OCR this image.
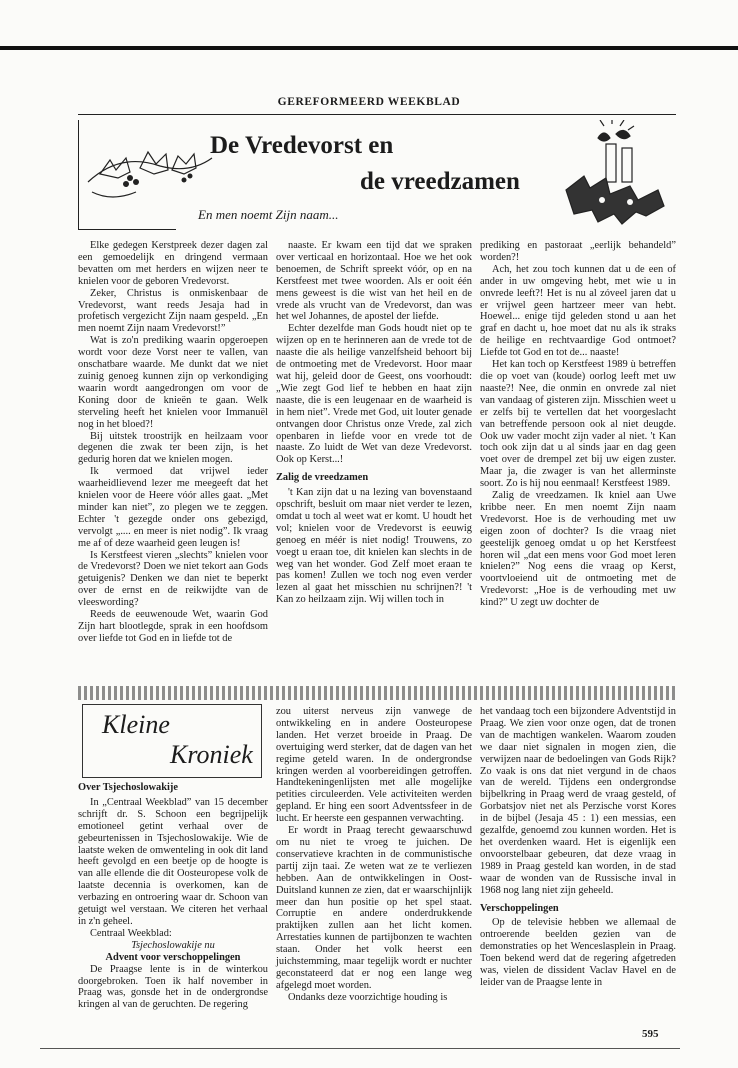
GEREFORMEERD WEEKBLAD
De Vredevorst en
de vreedzamen
En men noemt Zijn naam...

Elke gedegen Kerstpreek dezer dagen zal een gemoedelijk en dringend vermaan bevatten om met herders en wijzen neer te knielen voor de geboren Vredevorst.

Zeker, Christus is onmiskenbaar de Vredevorst, want reeds Jesaja had in profetisch vergezicht Zijn naam gespeld. „En men noemt Zijn naam Vredevorst!”

Wat is zo'n prediking waarin opgeroepen wordt voor deze Vorst neer te vallen, van onschatbare waarde. Me dunkt dat we niet zuinig genoeg kunnen zijn op verkondiging waarin wordt aangedrongen om voor de Koning door de knieën te gaan. Welk sterveling heeft het knielen voor Immanuël nog in het bloed?!

Bij uitstek troostrijk en heilzaam voor degenen die zwak ter been zijn, is het gedurig horen dat we knielen mogen.

Ik vermoed dat vrijwel ieder waarheidlievend lezer me meegeeft dat het knielen voor de Heere vóór alles gaat. „Met minder kan niet”, zo plegen we te zeggen. Echter 't gezegde onder ons gebezigd, vervolgt „.... en meer is niet nodig”. Ik vraag me af of deze waarheid geen leugen is!

Is Kerstfeest vieren „slechts” knielen voor de Vredevorst? Doen we niet tekort aan Gods getuigenis? Denken we dan niet te beperkt over de ernst en de reikwijdte van de vleeswording?

Reeds de eeuwenoude Wet, waarin God Zijn hart blootlegde, sprak in een hoofdsom over liefde tot God en in liefde tot de

naaste. Er kwam een tijd dat we spraken over verticaal en horizontaal. Hoe we het ook benoemen, de Schrift spreekt vóór, op en na Kerstfeest met twee woorden. Als er ooit één mens geweest is die wist van het heil en de vrede als vrucht van de Vredevorst, dan was het wel Johannes, de apostel der liefde.

Echter dezelfde man Gods houdt niet op te wijzen op en te herinneren aan de vrede tot de naaste die als heilige vanzelfsheid behoort bij de ontmoeting met de Vredevorst. Hoor maar wat hij, geleid door de Geest, ons voorhoudt: „Wie zegt God lief te hebben en haat zijn naaste, die is een leugenaar en de waarheid is in hem niet”. Vrede met God, uit louter genade ontvangen door Christus onze Vrede, zal zich openbaren in liefde voor en vrede tot de naaste. Zo luidt de Wet van deze Vredevorst. Ook op Kerst...!

Zalig de vreedzamen

't Kan zijn dat u na lezing van bovenstaand opschrift, besluit om maar niet verder te lezen, omdat u toch al weet wat er komt. U houdt het vol; knielen voor de Vredevorst is eeuwig genoeg en méér is niet nodig! Trouwens, zo voegt u eraan toe, dit knielen kan slechts in de weg van het wonder. God Zelf moet eraan te pas komen! Zullen we toch nog even verder lezen al gaat het misschien nu schrijnen?! 't Kan zo heilzaam zijn. Wij willen toch in

prediking en pastoraat „eerlijk behandeld” worden?!

Ach, het zou toch kunnen dat u de een of ander in uw omgeving hebt, met wie u in onvrede leeft?! Het is nu al zóveel jaren dat u er vrijwel geen hartzeer meer van hebt. Hoewel... enige tijd geleden stond u aan het graf en dacht u, hoe moet dat nu als ik straks de heilige en rechtvaardige God ontmoet? Liefde tot God en tot de... naaste!

Het kan toch op Kerstfeest 1989 ù betreffen die op voet van (koude) oorlog leeft met uw naaste?! Nee, die onmin en onvrede zal niet van vandaag of gisteren zijn. Misschien weet u er zelfs bij te vertellen dat het voorgeslacht van betreffende persoon ook al niet deugde. Ook uw vader mocht zijn vader al niet. 't Kan toch ook zijn dat u al sinds jaar en dag geen voet over de drempel zet bij uw eigen zuster. Maar ja, die zwager is van het allerminste soort. Zo is hij nou eenmaal! Kerstfeest 1989.

Zalig de vreedzamen. Ik kniel aan Uwe kribbe neer. En men noemt Zijn naam Vredevorst. Hoe is de verhouding met uw eigen zoon of dochter? Is die vraag niet geestelijk genoeg omdat u op het Kerstfeest horen wil „dat een mens voor God moet leren knielen?” Nog eens die vraag op Kerst, voortvloeiend uit de ontmoeting met de Vredevorst: „Hoe is de verhouding met uw kind?” U zegt uw dochter de

Kleine
Kroniek
Over Tsjechoslowakije

In „Centraal Weekblad” van 15 december schrijft dr. S. Schoon een begrijpelijk emotioneel getint verhaal over de gebeurtenissen in Tsjechoslowakije. Wie de laatste weken de omwenteling in ook dit land heeft gevolgd en een beetje op de hoogte is van alle ellende die dit Oosteuropese volk de laatste decennia is overkomen, kan de verbazing en ontroering waar dr. Schoon van getuigt wel verstaan. We citeren het verhaal in z'n geheel.

Centraal Weekblad:

Tsjechoslowakije nu

Advent voor verschoppelingen

De Praagse lente is in de winterkou doorgebroken. Toen ik half november in Praag was, gonsde het in de ondergrondse kringen al van de geruchten. De regering

zou uiterst nerveus zijn vanwege de ontwikkeling en in andere Oosteuropese landen. Het verzet broeide in Praag. De overtuiging werd sterker, dat de dagen van het regime geteld waren. In de ondergrondse kringen werden al voorbereidingen getroffen. Handtekeningenlijsten met alle mogelijke petities circuleerden. Vele activiteiten werden gepland. Er hing een soort Adventssfeer in de lucht. Er heerste een gespannen verwachting.

Er wordt in Praag terecht gewaarschuwd om nu niet te vroeg te juichen. De conservatieve krachten in de communistische partij zijn taai. Ze weten wat ze te verliezen hebben. Aan de ontwikkelingen in Oost-Duitsland kunnen ze zien, dat er waarschijnlijk meer dan hun positie op het spel staat. Corruptie en andere onderdrukkende praktijken zullen aan het licht komen. Arrestaties kunnen de partijbonzen te wachten staan. Onder het volk heerst een juichstemming, maar tegelijk wordt er nuchter geconstateerd dat er nog een lange weg afgelegd moet worden.

Ondanks deze voorzichtige houding is

het vandaag toch een bijzondere Adventstijd in Praag. We zien voor onze ogen, dat de tronen van de machtigen wankelen. Waarom zouden we daar niet signalen in mogen zien, die verwijzen naar de bedoelingen van Gods Rijk? Zo vaak is ons dat niet vergund in de chaos van de wereld. Tijdens een ondergrondse bijbelkring in Praag werd de vraag gesteld, of Gorbatsjov niet net als Perzische vorst Kores in de bijbel (Jesaja 45 : 1) een messias, een gezalfde, genoemd zou kunnen worden. Het is het overdenken waard. Het is eigenlijk een onvoorstelbaar gebeuren, dat deze vraag in 1989 in Praag gesteld kan worden, in de stad waar de wonden van de Russische inval in 1968 nog lang niet zijn geheeld.

Verschoppelingen

Op de televisie hebben we allemaal de ontroerende beelden gezien van de demonstraties op het Wenceslasplein in Praag. Toen bekend werd dat de regering afgetreden was, vielen de dissident Vaclav Havel en de leider van de Praagse lente in

595
